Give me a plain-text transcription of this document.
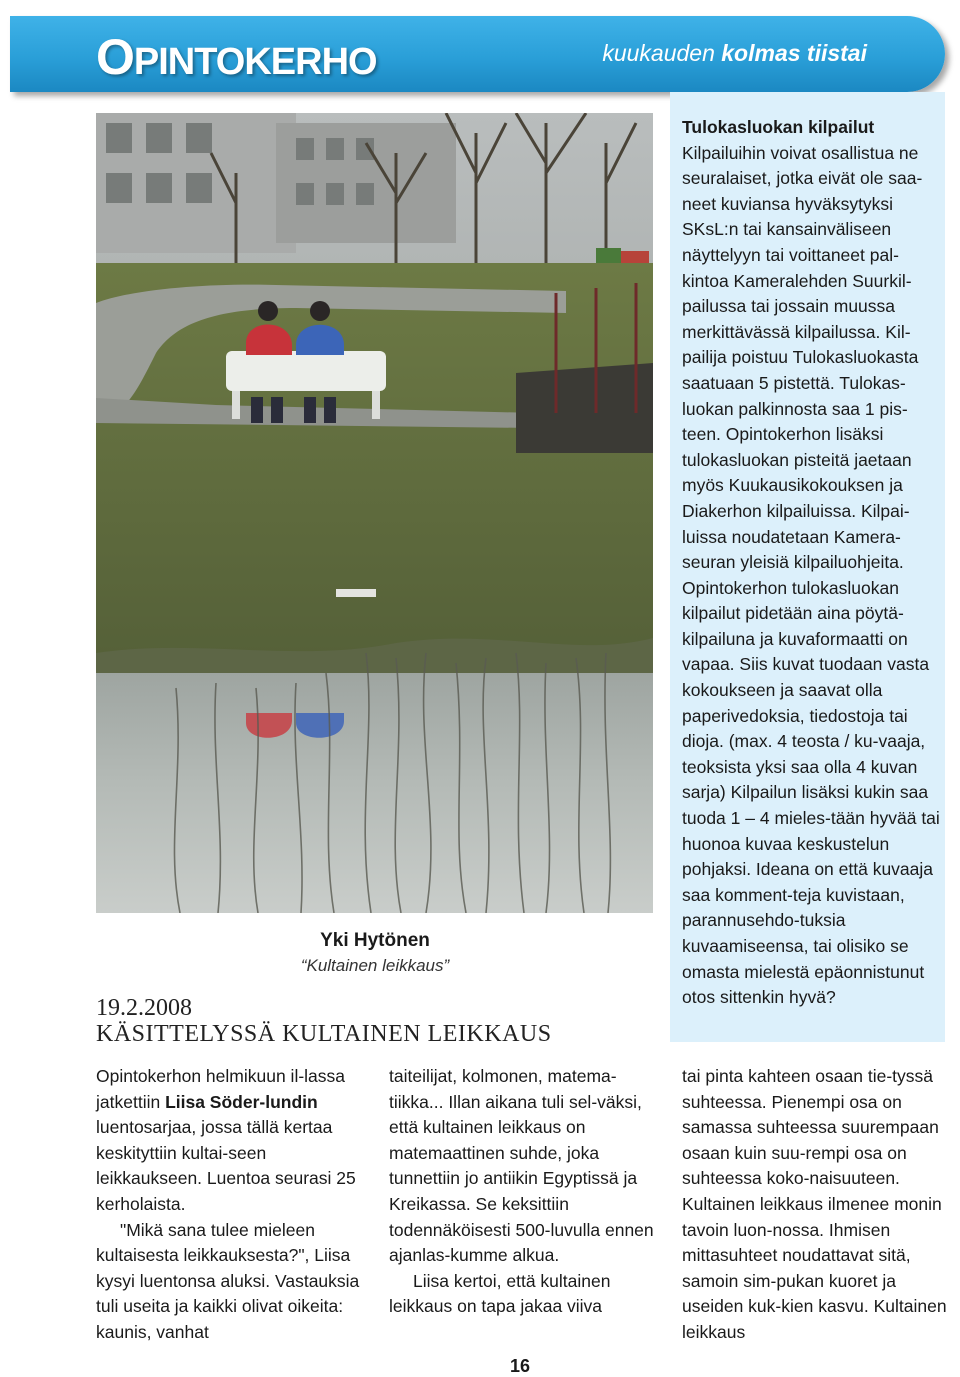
OPINTOKERHO	kuukauden kolmas tiistai
Yki Hytönen
“Kultainen leikkaus”
19.2.2008
KÄSITTELYSSÄ KULTAINEN LEIKKAUS

Opintokerhon helmikuun il-lassa jatkettiin Liisa Söder-lundin luentosarjaa, jossa tällä kertaa keskityttiin kultai-seen leikkaukseen. Luentoa seurasi 25 kerholaista.

"Mikä sana tulee mieleen kultaisesta leikkauksesta?", Liisa kysyi luentonsa aluksi. Vastauksia tuli useita ja kaikki olivat oikeita: kaunis, vanhat

taiteilijat, kolmonen, matema-tiikka... Illan aikana tuli sel-väksi, että kultainen leikkaus on matemaattinen suhde, joka tunnettiin jo antiikin Egyptissä ja Kreikassa. Se keksittiin todennäköisesti 500-luvulla ennen ajanlas-kumme alkua.

Liisa kertoi, että kultainen leikkaus on tapa jakaa viiva

tai pinta kahteen osaan tie-tyssä suhteessa. Pienempi osa on samassa suhteessa suurempaan osaan kuin suu-rempi osa on suhteessa koko-naisuuteen. Kultainen leikkaus ilmenee monin tavoin luon-nossa. Ihmisen mittasuhteet noudattavat sitä, samoin sim-pukan kuoret ja useiden kuk-kien kasvu. Kultainen leikkaus

Tulokasluokan kilpailut
Kilpailuihin voivat osallistua ne seuralaiset, jotka eivät ole saa-neet kuviansa hyväksytyksi SKsL:n tai kansainväliseen näyttelyyn tai voittaneet pal-kintoa Kameralehden Suurkil-pailussa tai jossain muussa merkittävässä kilpailussa. Kil-pailija poistuu Tulokasluokasta saatuaan 5 pistettä. Tulokas-luokan palkinnosta saa 1 pis-teen. Opintokerhon lisäksi tulokasluokan pisteitä jaetaan myös Kuukausikokouksen ja Diakerhon kilpailuissa. Kilpai-luissa noudatetaan Kamera-seuran yleisiä kilpailuohjeita. Opintokerhon tulokasluokan kilpailut pidetään aina pöytä-kilpailuna ja kuvaformaatti on vapaa. Siis kuvat tuodaan vasta kokoukseen ja saavat olla paperivedoksia, tiedostoja tai dioja. (max. 4 teosta / ku-vaaja, teoksista yksi saa olla 4 kuvan sarja) Kilpailun lisäksi kukin saa tuoda 1 – 4 mieles-tään hyvää tai huonoa kuvaa keskustelun pohjaksi. Ideana on että kuvaaja saa komment-teja kuvistaan, parannusehdo-tuksia kuvaamiseensa, tai olisiko se omasta mielestä epäonnistunut otos sittenkin hyvä?
16
